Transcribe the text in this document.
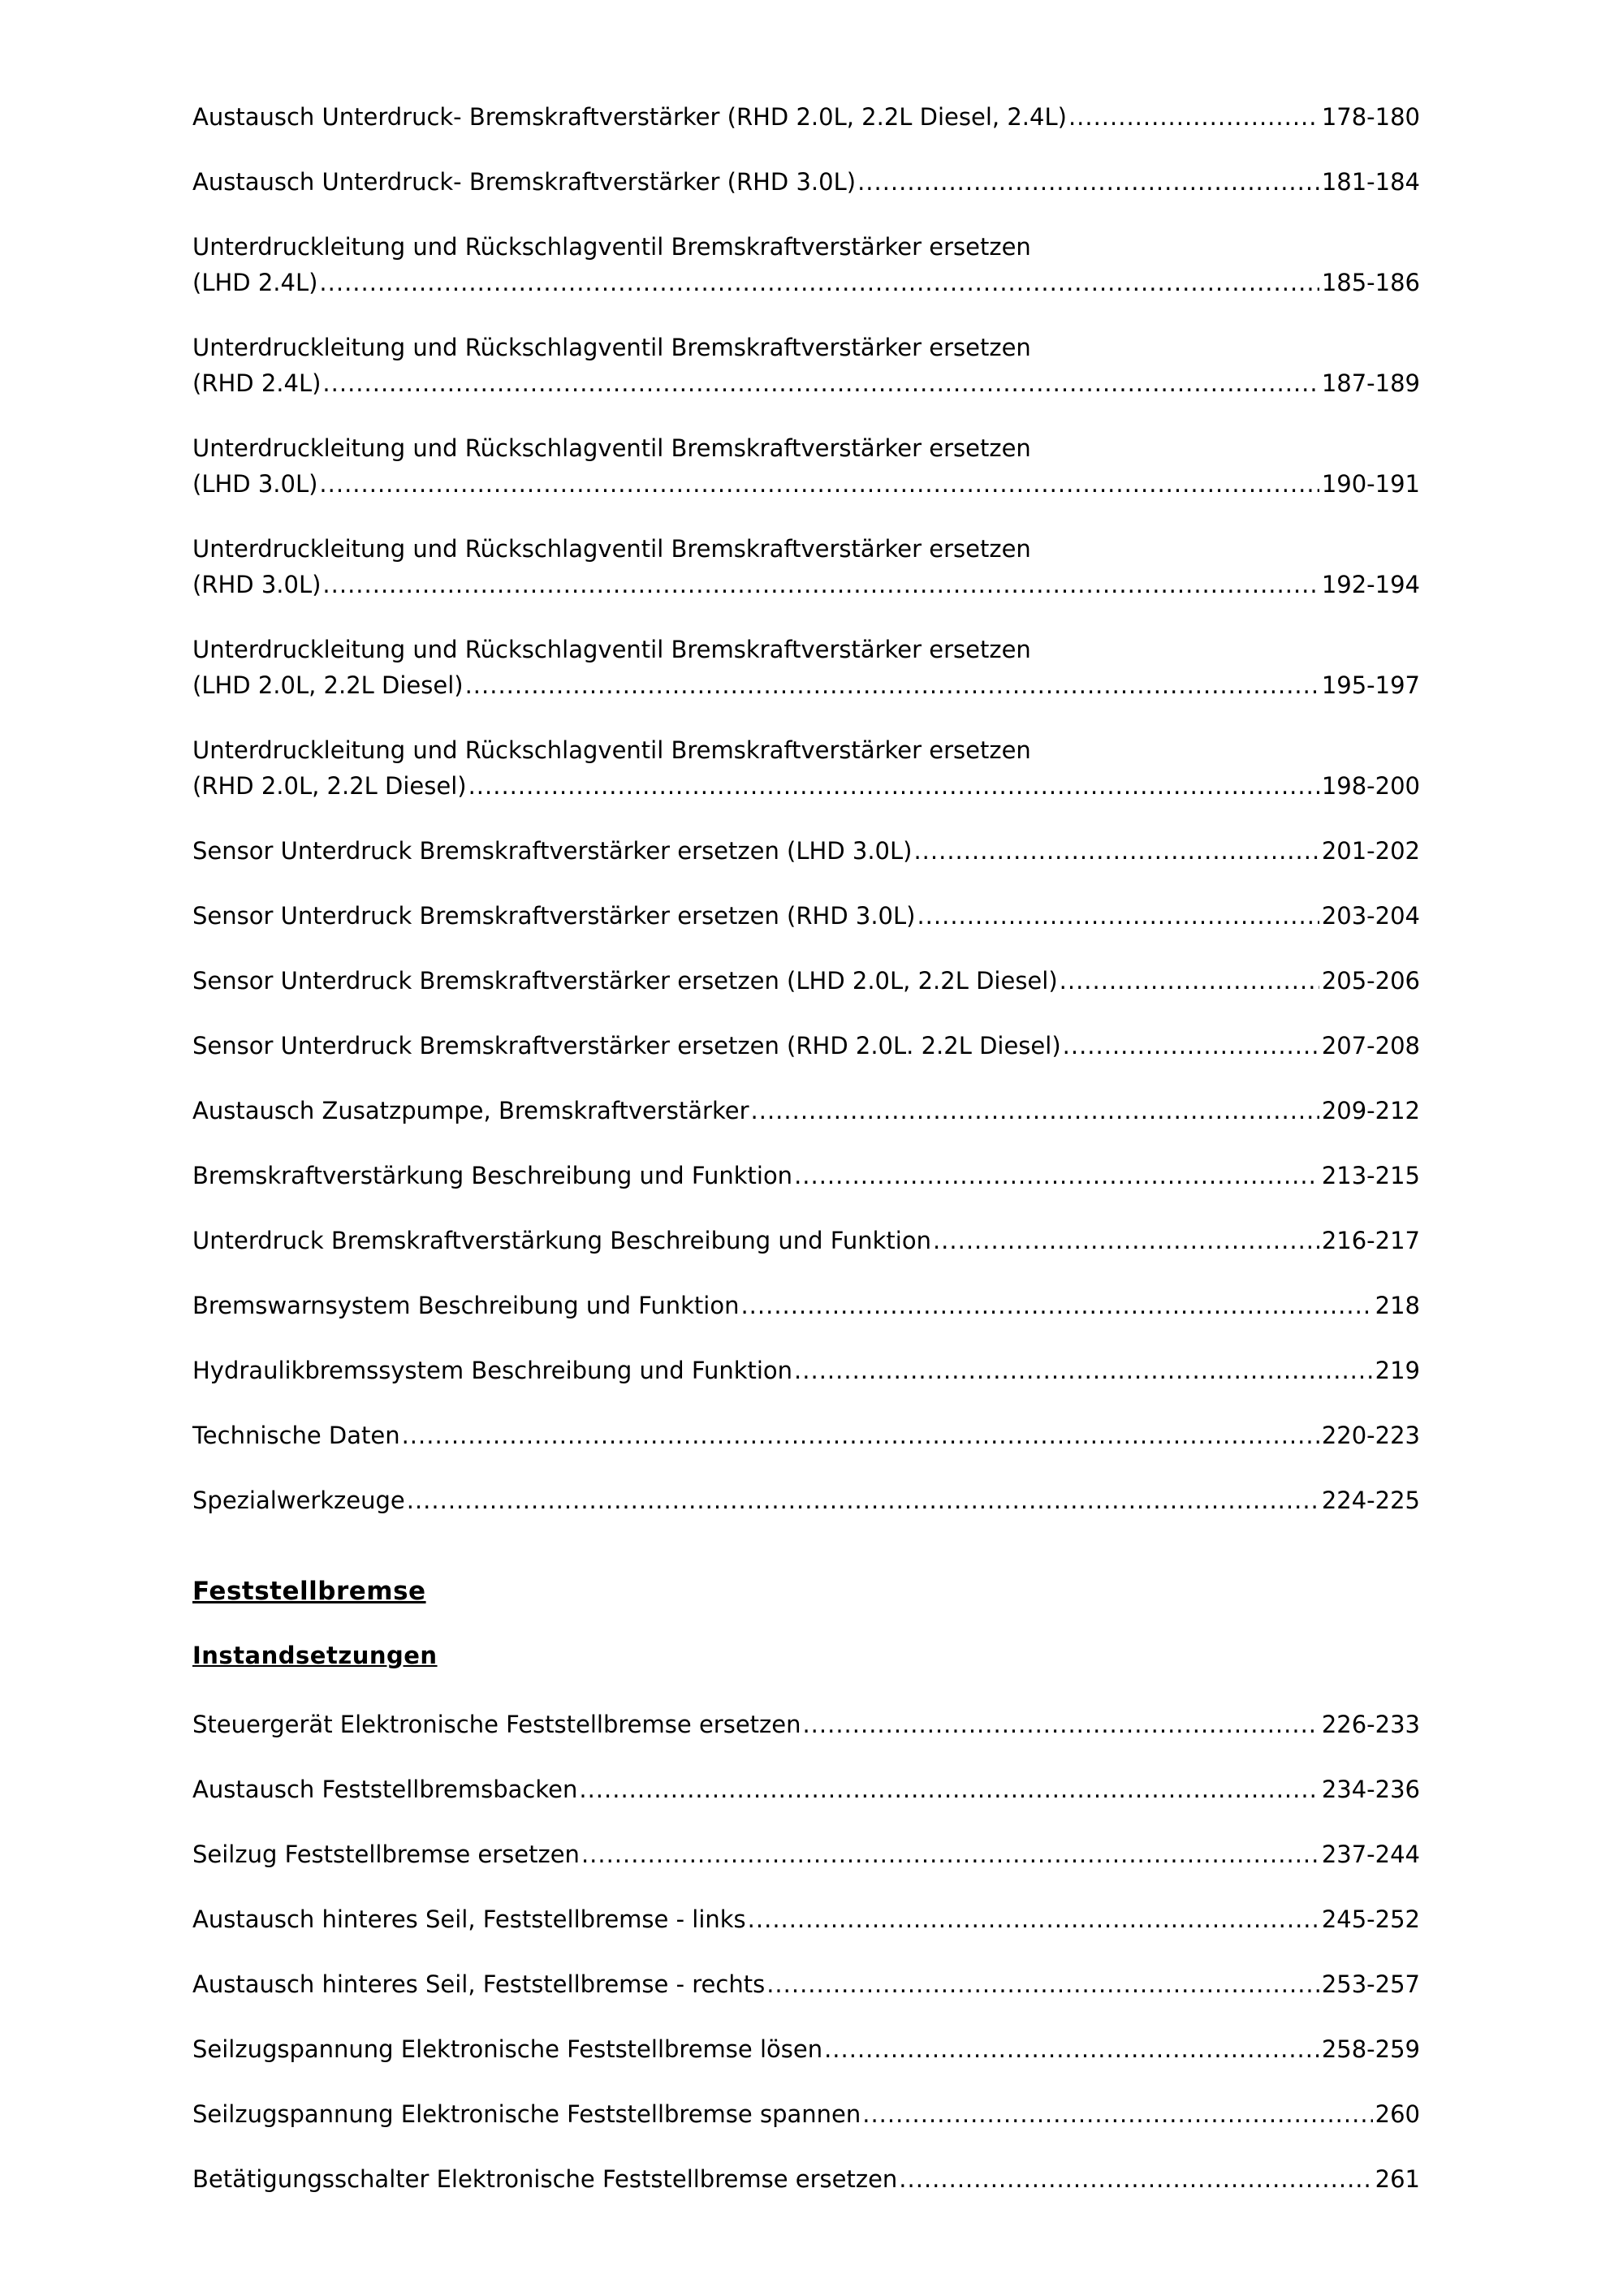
Austausch Unterdruck- Bremskraftverstärker (RHD 2.0L, 2.2L Diesel, 2.4L) .....	178-180
Austausch Unterdruck- Bremskraftverstärker (RHD 3.0L) .....	181-184
Unterdruckleitung und Rückschlagventil Bremskraftverstärker ersetzen
(LHD 2.4L) .....	185-186
Unterdruckleitung und Rückschlagventil Bremskraftverstärker ersetzen
(RHD 2.4L) .....	187-189
Unterdruckleitung und Rückschlagventil Bremskraftverstärker ersetzen
(LHD 3.0L) .....	190-191
Unterdruckleitung und Rückschlagventil Bremskraftverstärker ersetzen
(RHD 3.0L) .....	192-194
Unterdruckleitung und Rückschlagventil Bremskraftverstärker ersetzen
(LHD 2.0L, 2.2L Diesel) .....	195-197
Unterdruckleitung und Rückschlagventil Bremskraftverstärker ersetzen
(RHD 2.0L, 2.2L Diesel) .....	198-200
Sensor Unterdruck Bremskraftverstärker ersetzen (LHD 3.0L) .....	201-202
Sensor Unterdruck Bremskraftverstärker ersetzen (RHD 3.0L) .....	203-204
Sensor Unterdruck Bremskraftverstärker ersetzen (LHD 2.0L, 2.2L Diesel) .....	205-206
Sensor Unterdruck Bremskraftverstärker ersetzen (RHD 2.0L. 2.2L Diesel) .....	207-208
Austausch Zusatzpumpe, Bremskraftverstärker .....	209-212
Bremskraftverstärkung Beschreibung und Funktion .....	213-215
Unterdruck Bremskraftverstärkung Beschreibung und Funktion .....	216-217
Bremswarnsystem Beschreibung und Funktion .....	218
Hydraulikbremssystem Beschreibung und Funktion .....	219
Technische Daten .....	220-223
Spezialwerkzeuge .....	224-225
Feststellbremse
Instandsetzungen
Steuergerät Elektronische Feststellbremse ersetzen .....	226-233
Austausch Feststellbremsbacken .....	234-236
Seilzug Feststellbremse ersetzen .....	237-244
Austausch hinteres Seil, Feststellbremse - links .....	245-252
Austausch hinteres Seil, Feststellbremse - rechts .....	253-257
Seilzugspannung Elektronische Feststellbremse lösen .....	258-259
Seilzugspannung Elektronische Feststellbremse spannen .....	260
Betätigungsschalter Elektronische Feststellbremse ersetzen .....	261
